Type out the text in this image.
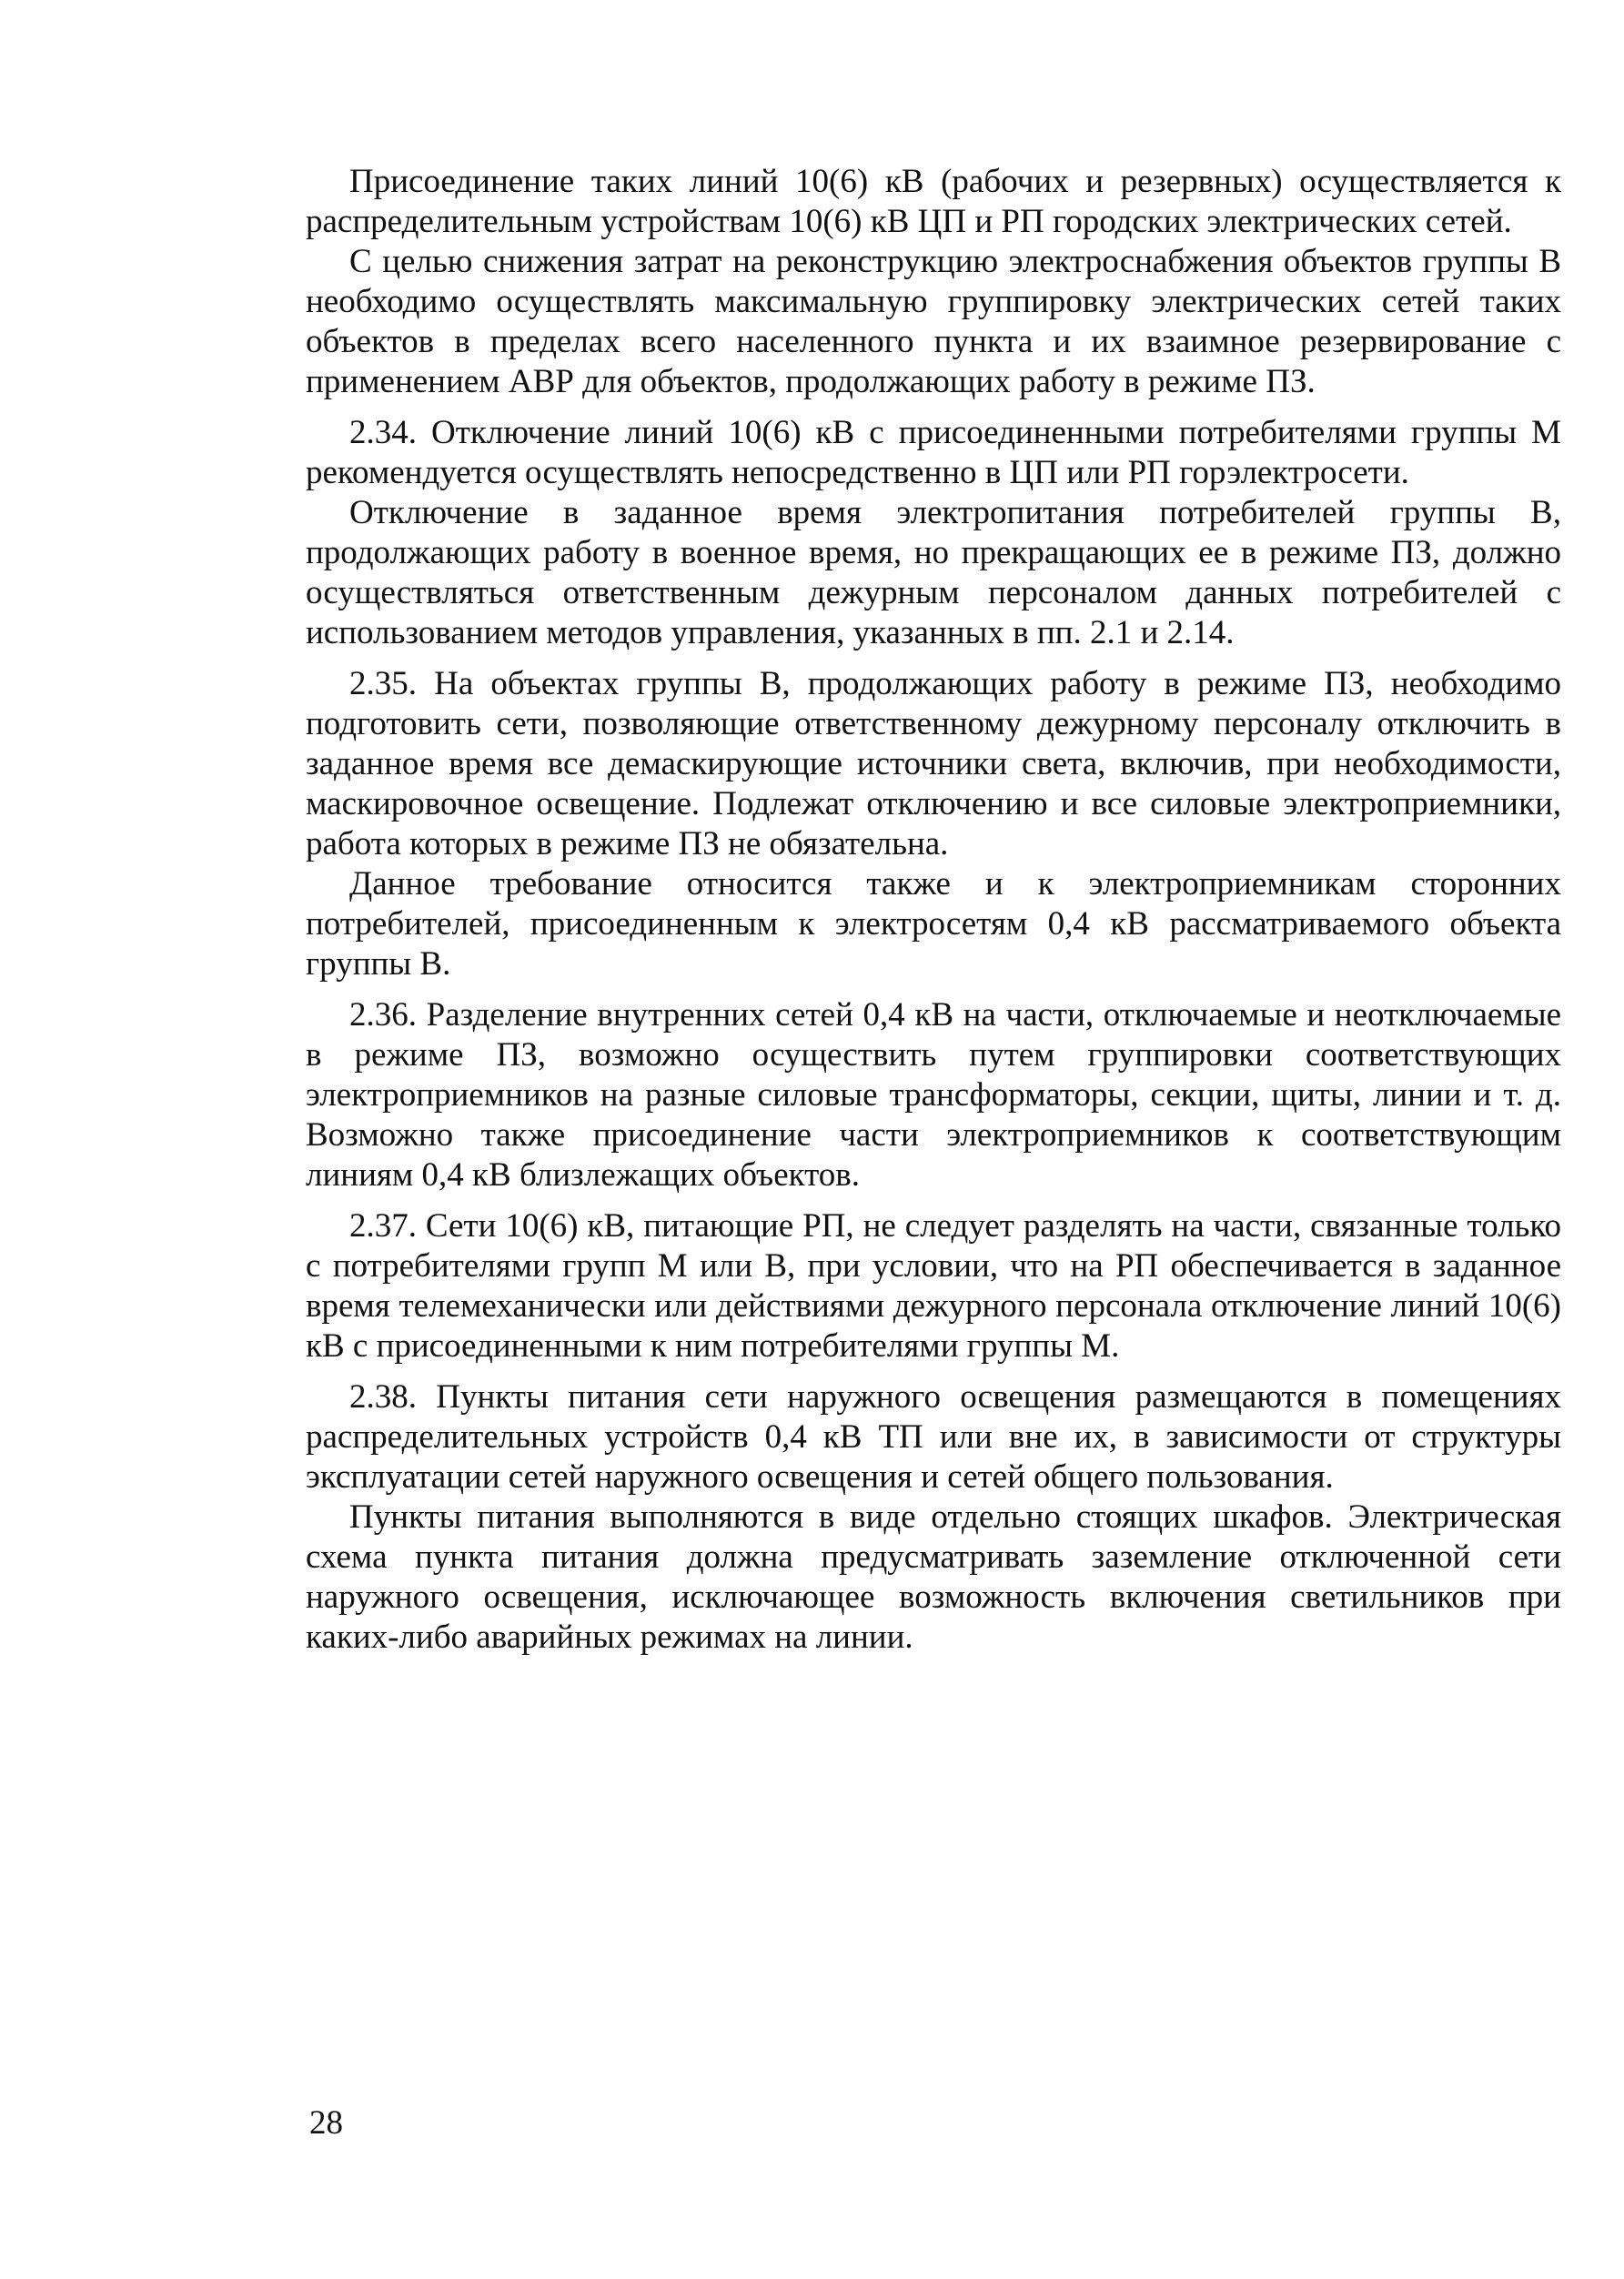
Присоединение таких линий 10(6) кВ (рабочих и резервных) осуществляется к распределительным устройствам 10(6) кВ ЦП и РП городских электрических сетей.

С целью снижения затрат на реконструкцию электроснабжения объектов группы В необходимо осуществлять максимальную группировку электрических сетей таких объектов в пределах всего населенного пункта и их взаимное резервирование с применением АВР для объектов, продолжающих работу в режиме ПЗ.

2.34. Отключение линий 10(6) кВ с присоединенными потребителями группы М рекомендуется осуществлять непосредственно в ЦП или РП горэлектросети.

Отключение в заданное время электропитания потребителей группы В, продолжающих работу в военное время, но прекращающих ее в режиме ПЗ, должно осуществляться ответственным дежурным персоналом данных потребителей с использованием методов управления, указанных в пп. 2.1 и 2.14.

2.35. На объектах группы В, продолжающих работу в режиме ПЗ, необходимо подготовить сети, позволяющие ответственному дежурному персоналу отключить в заданное время все демаскирующие источники света, включив, при необходимости, маскировочное освещение. Подлежат отключению и все силовые электроприемники, работа которых в режиме ПЗ не обязательна.

Данное требование относится также и к электроприемникам сторонних потребителей, присоединенным к электросетям 0,4 кВ рассматриваемого объекта группы В.

2.36. Разделение внутренних сетей 0,4 кВ на части, отключаемые и неотключаемые в режиме ПЗ, возможно осуществить путем группировки соответствующих электроприемников на разные силовые трансформаторы, секции, щиты, линии и т. д. Возможно также присоединение части электроприемников к соответствующим линиям 0,4 кВ близлежащих объектов.

2.37. Сети 10(6) кВ, питающие РП, не следует разделять на части, связанные только с потребителями групп М или В, при условии, что на РП обеспечивается в заданное время телемеханически или действиями дежурного персонала отключение линий 10(6) кВ с присоединенными к ним потребителями группы М.

2.38. Пункты питания сети наружного освещения размещаются в помещениях распределительных устройств 0,4 кВ ТП или вне их, в зависимости от структуры эксплуатации сетей наружного освещения и сетей общего пользования.

Пункты питания выполняются в виде отдельно стоящих шкафов. Электрическая схема пункта питания должна предусматривать заземление отключенной сети наружного освещения, исключающее возможность включения светильников при каких-либо аварийных режимах на линии.

28
